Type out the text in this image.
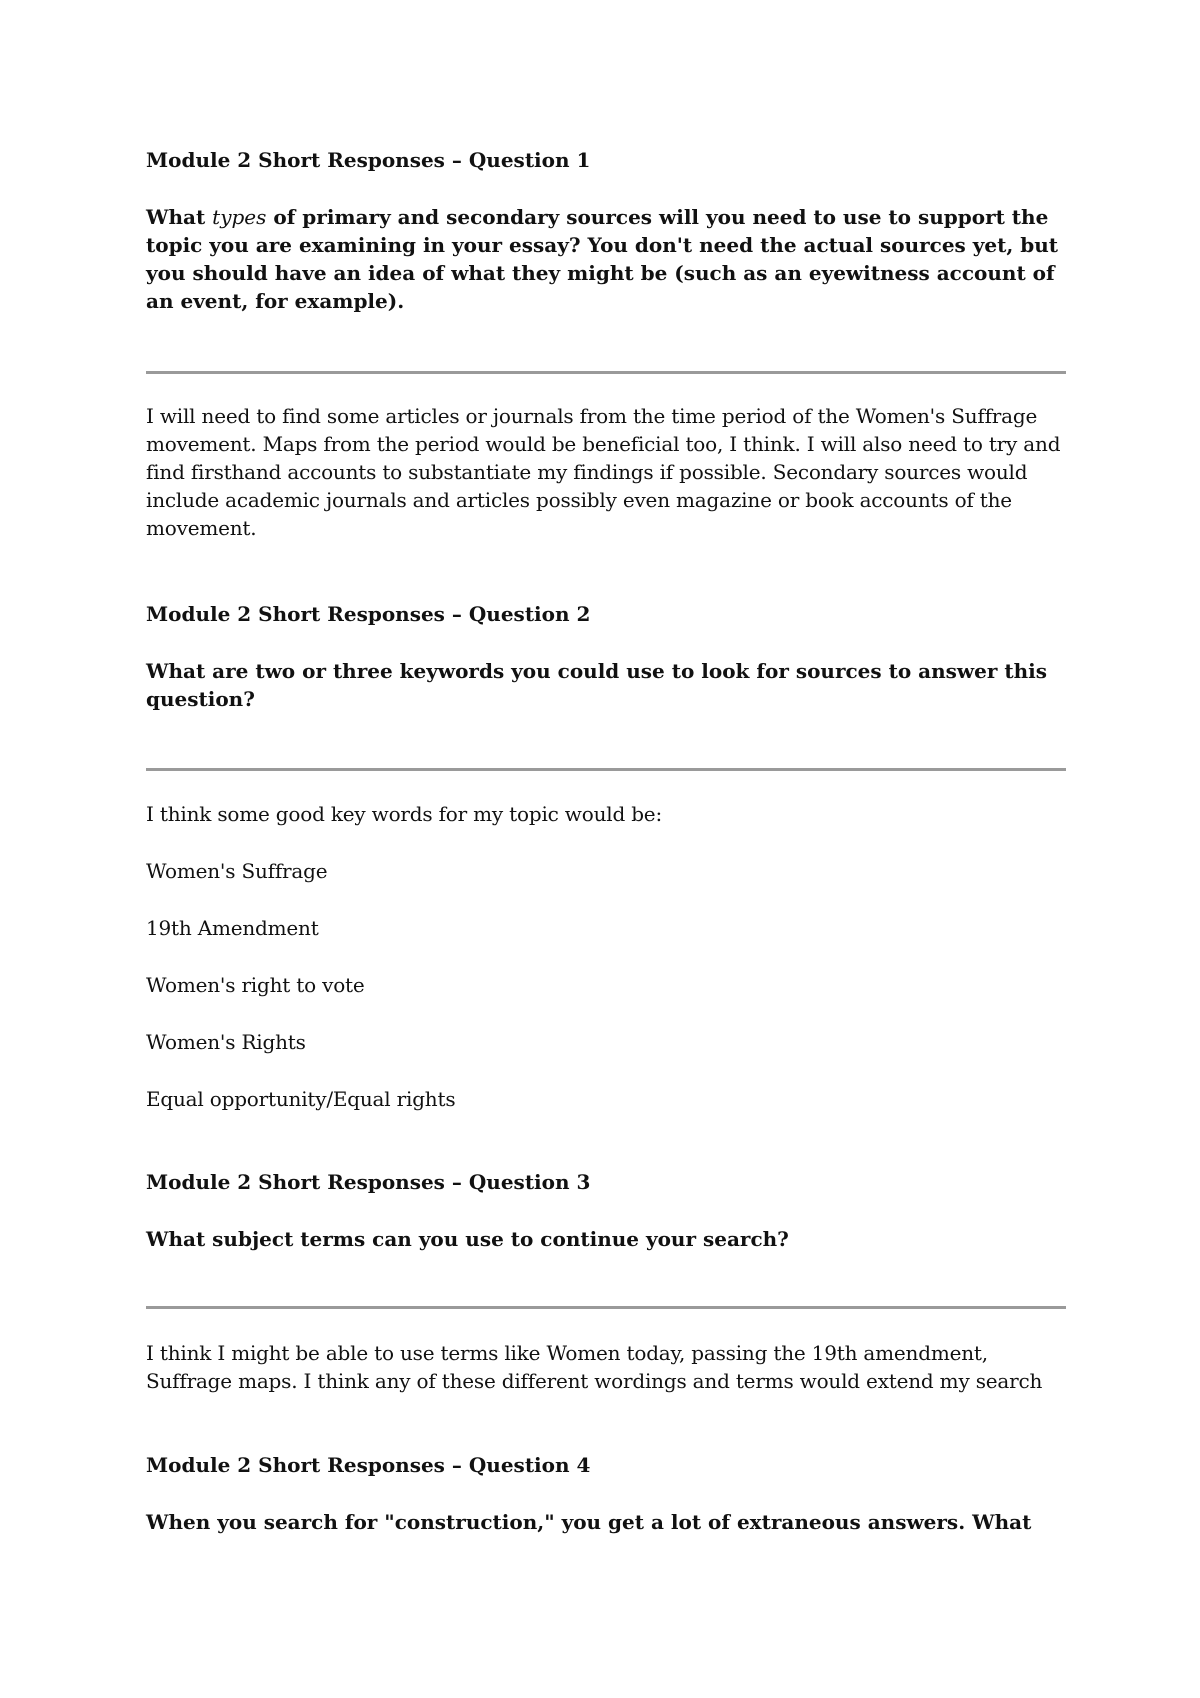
Module 2 Short Responses – Question 1
What types of primary and secondary sources will you need to use to support the topic you are examining in your essay? You don't need the actual sources yet, but you should have an idea of what they might be (such as an eyewitness account of an event, for example).
I will need to find some articles or journals from the time period of the Women's Suffrage movement. Maps from the period would be beneficial too, I think. I will also need to try and find firsthand accounts to substantiate my findings if possible. Secondary sources would include academic journals and articles possibly even magazine or book accounts of the movement.
Module 2 Short Responses – Question 2
What are two or three keywords you could use to look for sources to answer this question?
I think some good key words for my topic would be:
Women's Suffrage
19th Amendment
Women's right to vote
Women's Rights
Equal opportunity/Equal rights
Module 2 Short Responses – Question 3
What subject terms can you use to continue your search?
I think I might be able to use terms like Women today, passing the 19th amendment, Suffrage maps. I think any of these different wordings and terms would extend my search
Module 2 Short Responses – Question 4
When you search for "construction," you get a lot of extraneous answers. What
